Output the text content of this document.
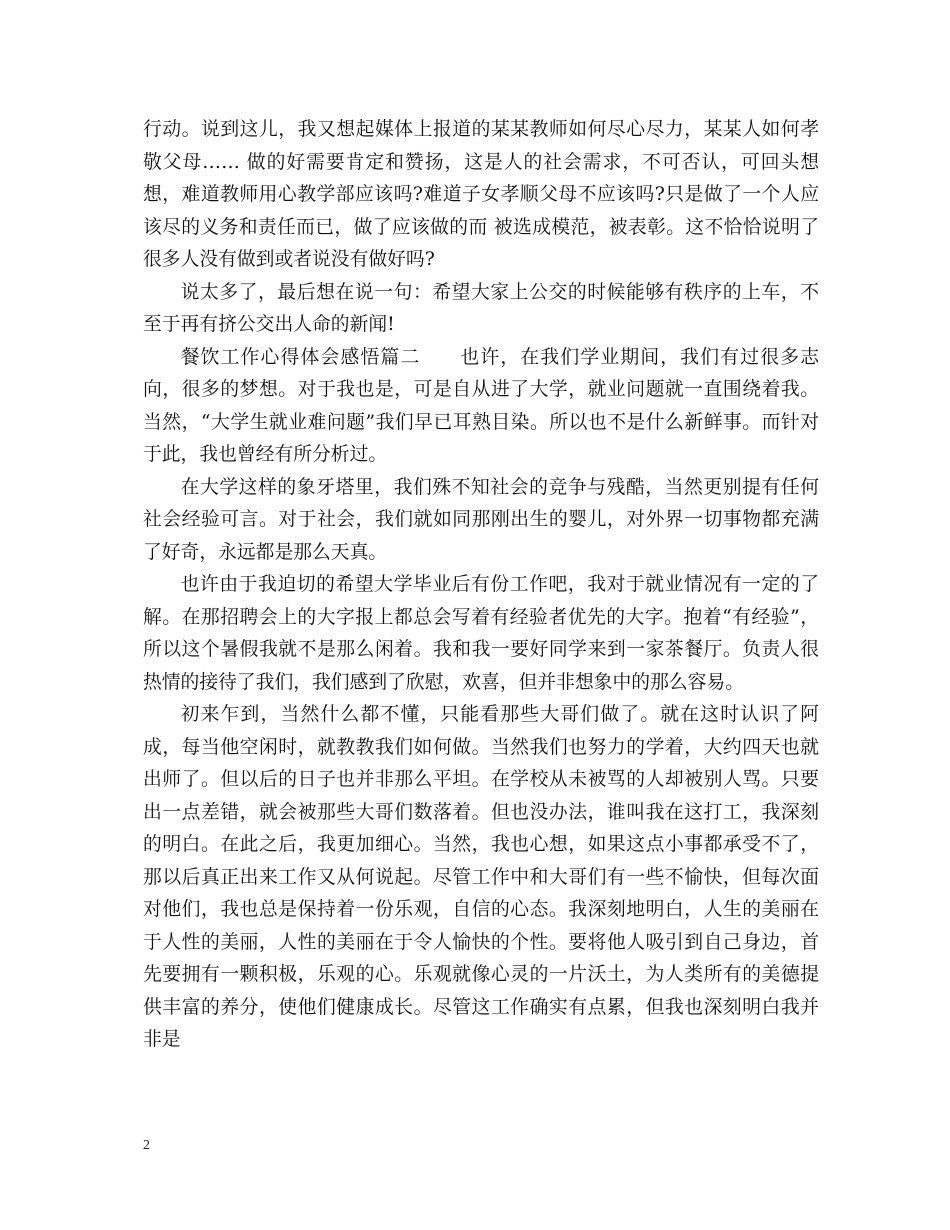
行动。说到这儿，我又想起媒体上报道的某某教师如何尽心尽力，某某人如何孝敬父母…… 做的好需要肯定和赞扬，这是人的社会需求，不可否认，可回头想想，难道教师用心教学部应该吗?难道子女孝顺父母不应该吗?只是做了一个人应该尽的义务和责任而已，做了应该做的而 被选成模范，被表彰。这不恰恰说明了很多人没有做到或者说没有做好吗?

说太多了，最后想在说一句：希望大家上公交的时候能够有秩序的上车，不至于再有挤公交出人命的新闻!

餐饮工作心得体会感悟篇二　　也许，在我们学业期间，我们有过很多志向，很多的梦想。对于我也是，可是自从进了大学，就业问题就一直围绕着我。当然，“大学生就业难问题”我们早已耳熟目染。所以也不是什么新鲜事。而针对于此，我也曾经有所分析过。

在大学这样的象牙塔里，我们殊不知社会的竞争与残酷，当然更别提有任何社会经验可言。对于社会，我们就如同那刚出生的婴儿，对外界一切事物都充满了好奇，永远都是那么天真。

也许由于我迫切的希望大学毕业后有份工作吧，我对于就业情况有一定的了解。在那招聘会上的大字报上都总会写着有经验者优先的大字。抱着“有经验”，所以这个暑假我就不是那么闲着。我和我一要好同学来到一家茶餐厅。负责人很热情的接待了我们，我们感到了欣慰，欢喜，但并非想象中的那么容易。

初来乍到，当然什么都不懂，只能看那些大哥们做了。就在这时认识了阿成，每当他空闲时，就教教我们如何做。当然我们也努力的学着，大约四天也就出师了。但以后的日子也并非那么平坦。在学校从未被骂的人却被别人骂。只要出一点差错，就会被那些大哥们数落着。但也没办法，谁叫我在这打工，我深刻的明白。在此之后，我更加细心。当然，我也心想，如果这点小事都承受不了，那以后真正出来工作又从何说起。尽管工作中和大哥们有一些不愉快，但每次面对他们，我也总是保持着一份乐观，自信的心态。我深刻地明白，人生的美丽在于人性的美丽，人性的美丽在于令人愉快的个性。要将他人吸引到自己身边，首先要拥有一颗积极，乐观的心。乐观就像心灵的一片沃土，为人类所有的美德提供丰富的养分，使他们健康成长。尽管这工作确实有点累，但我也深刻明白我并非是

2
